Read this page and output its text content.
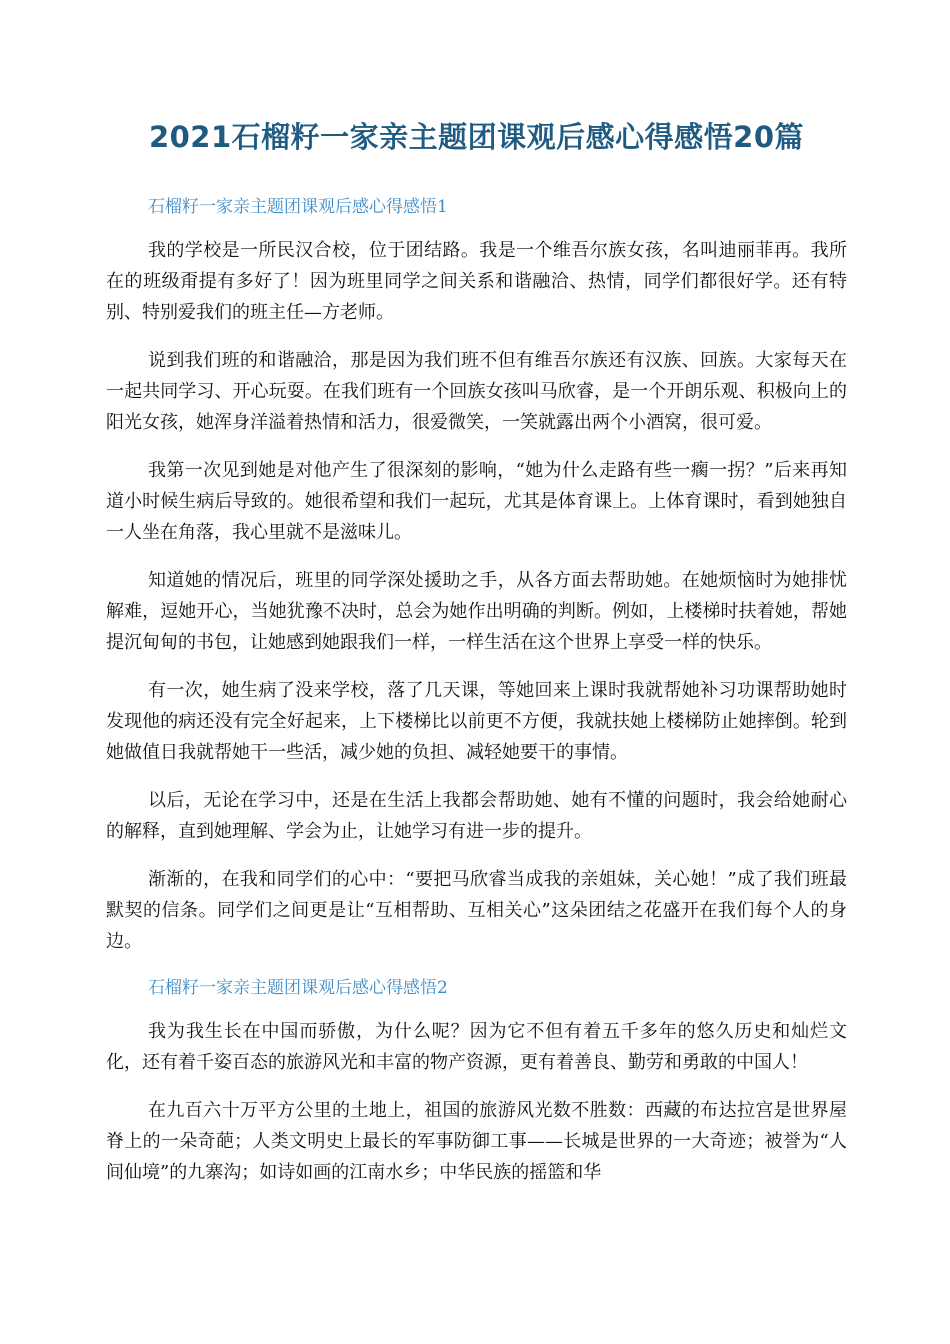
2021石榴籽一家亲主题团课观后感心得感悟20篇
石榴籽一家亲主题团课观后感心得感悟1

我的学校是一所民汉合校，位于团结路。我是一个维吾尔族女孩，名叫迪丽菲再。我所在的班级甭提有多好了！因为班里同学之间关系和谐融洽、热情，同学们都很好学。还有特别、特别爱我们的班主任—方老师。

说到我们班的和谐融洽，那是因为我们班不但有维吾尔族还有汉族、回族。大家每天在一起共同学习、开心玩耍。在我们班有一个回族女孩叫马欣睿，是一个开朗乐观、积极向上的阳光女孩，她浑身洋溢着热情和活力，很爱微笑，一笑就露出两个小酒窝，很可爱。

我第一次见到她是对他产生了很深刻的影响，“她为什么走路有些一瘸一拐？”后来再知道小时候生病后导致的。她很希望和我们一起玩，尤其是体育课上。上体育课时，看到她独自一人坐在角落，我心里就不是滋味儿。

知道她的情况后，班里的同学深处援助之手，从各方面去帮助她。在她烦恼时为她排忧解难，逗她开心，当她犹豫不决时，总会为她作出明确的判断。例如，上楼梯时扶着她，帮她提沉甸甸的书包，让她感到她跟我们一样，一样生活在这个世界上享受一样的快乐。

有一次，她生病了没来学校，落了几天课，等她回来上课时我就帮她补习功课帮助她时发现他的病还没有完全好起来，上下楼梯比以前更不方便，我就扶她上楼梯防止她摔倒。轮到她做值日我就帮她干一些活，减少她的负担、减轻她要干的事情。

以后，无论在学习中，还是在生活上我都会帮助她、她有不懂的问题时，我会给她耐心的解释，直到她理解、学会为止，让她学习有进一步的提升。

渐渐的，在我和同学们的心中：“要把马欣睿当成我的亲姐妹，关心她！”成了我们班最默契的信条。同学们之间更是让“互相帮助、互相关心”这朵团结之花盛开在我们每个人的身边。

石榴籽一家亲主题团课观后感心得感悟2

我为我生长在中国而骄傲，为什么呢？因为它不但有着五千多年的悠久历史和灿烂文化，还有着千姿百态的旅游风光和丰富的物产资源，更有着善良、勤劳和勇敢的中国人！

在九百六十万平方公里的土地上，祖国的旅游风光数不胜数：西藏的布达拉宫是世界屋脊上的一朵奇葩；人类文明史上最长的军事防御工事——长城是世界的一大奇迹；被誉为“人间仙境”的九寨沟；如诗如画的江南水乡；中华民族的摇篮和华
